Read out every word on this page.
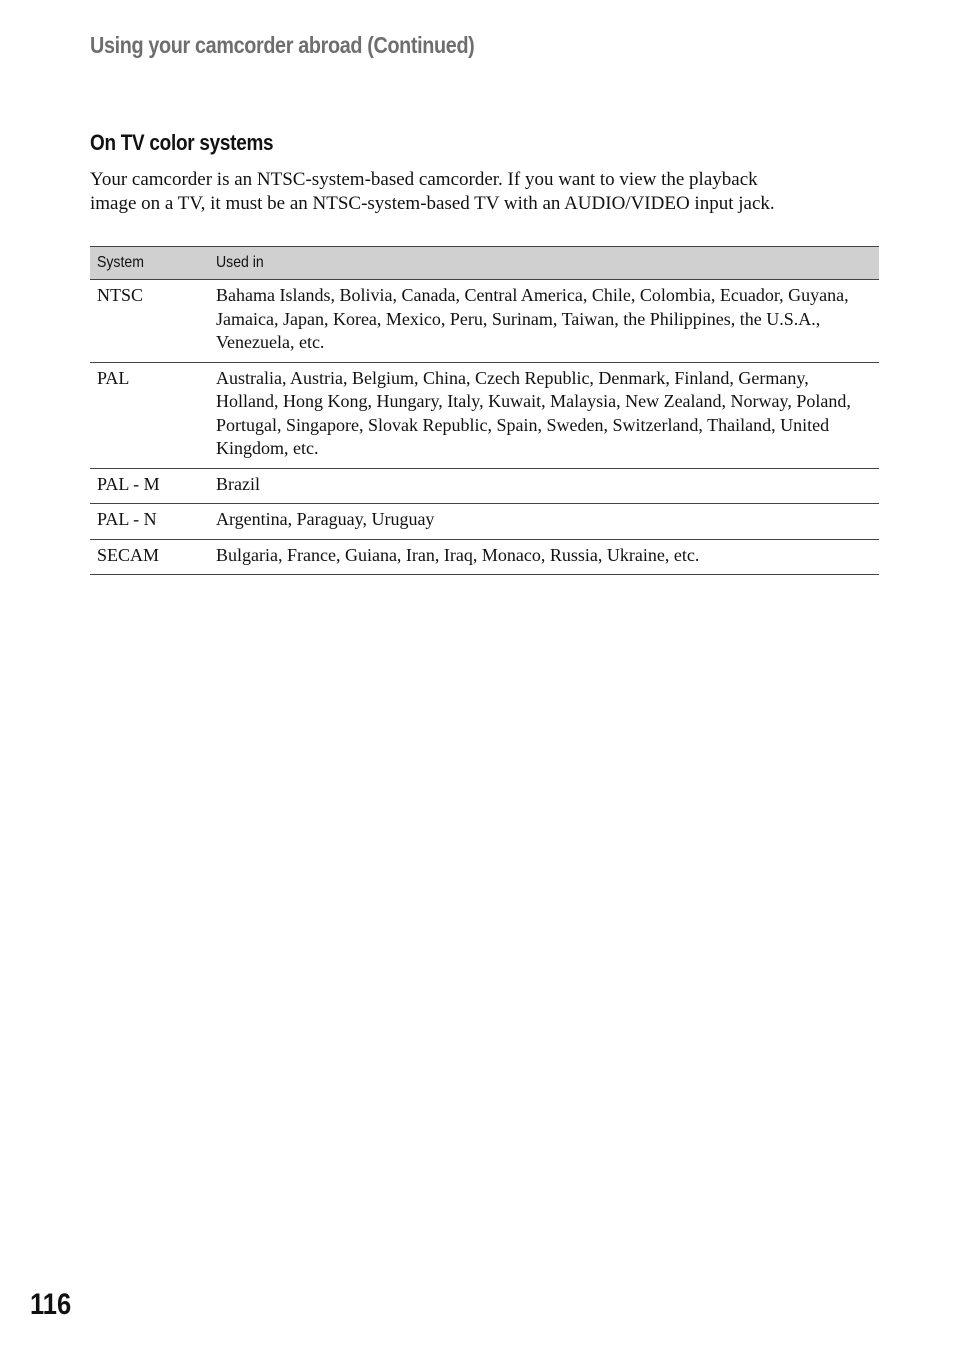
Using your camcorder abroad (Continued)
On TV color systems

Your camcorder is an NTSC-system-based camcorder. If you want to view the playback
image on a TV, it must be an NTSC-system-based TV with an AUDIO/VIDEO input jack.

System	Used in
NTSC	Bahama Islands, Bolivia, Canada, Central America, Chile, Colombia, Ecuador, Guyana, Jamaica, Japan, Korea, Mexico, Peru, Surinam, Taiwan, the Philippines, the U.S.A., Venezuela, etc.
PAL	Australia, Austria, Belgium, China, Czech Republic, Denmark, Finland, Germany, Holland, Hong Kong, Hungary, Italy, Kuwait, Malaysia, New Zealand, Norway, Poland, Portugal, Singapore, Slovak Republic, Spain, Sweden, Switzerland, Thailand, United Kingdom, etc.
PAL - M	Brazil
PAL - N	Argentina, Paraguay, Uruguay
SECAM	Bulgaria, France, Guiana, Iran, Iraq, Monaco, Russia, Ukraine, etc.
116
